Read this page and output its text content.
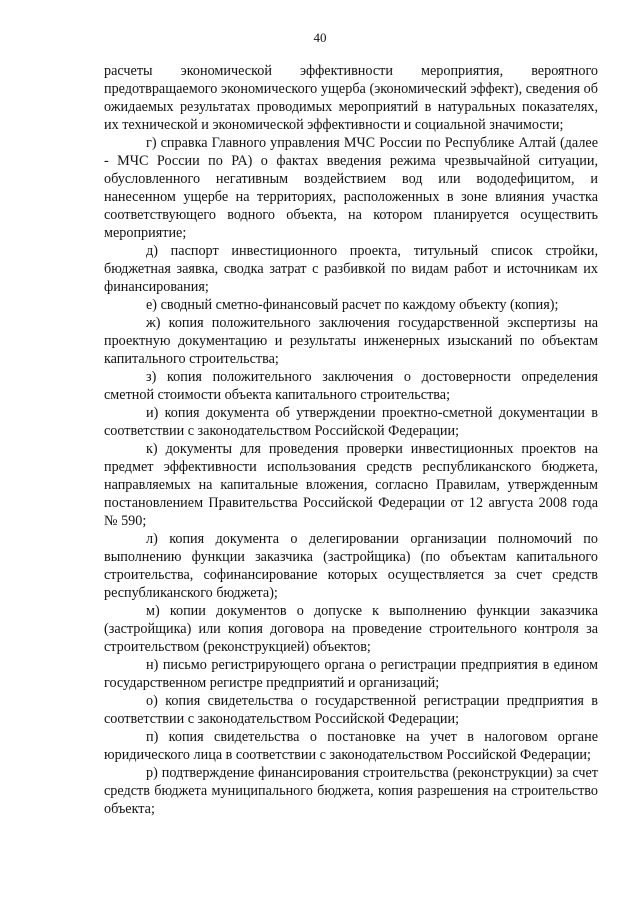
40

расчеты экономической эффективности мероприятия, вероятного предотвращаемого экономического ущерба (экономический эффект), сведения об ожидаемых результатах проводимых мероприятий в натуральных показателях, их технической и экономической эффективности и социальной значимости;

г) справка Главного управления МЧС России по Республике Алтай (далее - МЧС России по РА) о фактах введения режима чрезвычайной ситуации, обусловленного негативным воздействием вод или вододефицитом, и нанесенном ущербе на территориях, расположенных в зоне влияния участка соответствующего водного объекта, на котором планируется осуществить мероприятие;

д) паспорт инвестиционного проекта, титульный список стройки, бюджетная заявка, сводка затрат с разбивкой по видам работ и источникам их финансирования;

е) сводный сметно-финансовый расчет по каждому объекту (копия);

ж) копия положительного заключения государственной экспертизы на проектную документацию и результаты инженерных изысканий по объектам капитального строительства;

з) копия положительного заключения о достоверности определения сметной стоимости объекта капитального строительства;

и) копия документа об утверждении проектно-сметной документации в соответствии с законодательством Российской Федерации;

к) документы для проведения проверки инвестиционных проектов на предмет эффективности использования средств республиканского бюджета, направляемых на капитальные вложения, согласно Правилам, утвержденным постановлением Правительства Российской Федерации от 12 августа 2008 года № 590;

л) копия документа о делегировании организации полномочий по выполнению функции заказчика (застройщика) (по объектам капитального строительства, софинансирование которых осуществляется за счет средств республиканского бюджета);

м) копии документов о допуске к выполнению функции заказчика (застройщика) или копия договора на проведение строительного контроля за строительством (реконструкцией) объектов;

н) письмо регистрирующего органа о регистрации предприятия в едином государственном регистре предприятий и организаций;

о) копия свидетельства о государственной регистрации предприятия в соответствии с законодательством Российской Федерации;

п) копия свидетельства о постановке на учет в налоговом органе юридического лица в соответствии с законодательством Российской Федерации;

р) подтверждение финансирования строительства (реконструкции) за счет средств бюджета муниципального бюджета, копия разрешения на строительство объекта;
